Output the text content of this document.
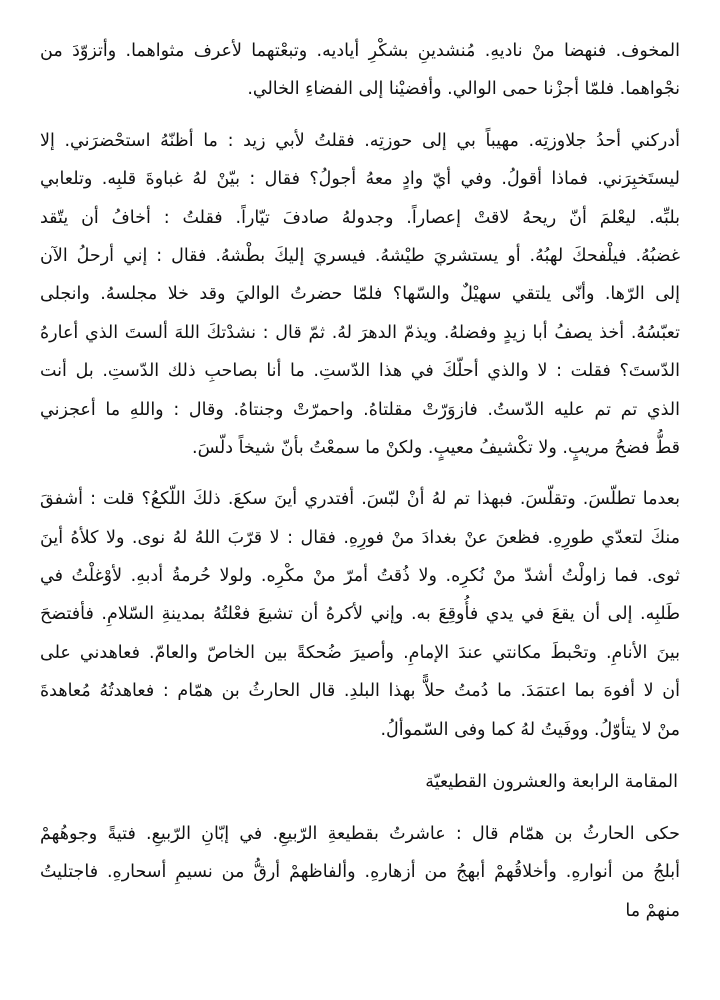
المخوف. فنهضا منْ ناديهِ. مُنشدينِ بشكْرِ أياديه. وتبعْتهما لأعرف مثواهما. وأتزوّدَ من
نجْواهما. فلمّا أجزْنا حمى الوالي. وأفضيْنا إلى الفضاءِ الخالي.
أدركني أحدُ جلاوزتِه. مهيباً بي إلى حوزتِه. فقلتُ لأبي زيد : ما أظنّهُ استحْضرَني. إلا
ليستَخبِرَني. فماذا أقولُ. وفي أيّ وادٍ معهُ أجولُ؟ فقال : بيّنْ لهُ غباوةَ قلبِه. وتلعابي
بلبِّه. ليعْلمَ أنّ ريحهُ لاقتْ إعصاراً. وجدولهُ صادفَ تيّاراً. فقلتُ : أخافُ أن يتّقد
غضبُهُ. فيلْفحكَ لهبُهُ. أو يستشريَ طيْشهُ. فيسريَ إليكَ بطْشهُ. فقال : إني أرحلُ الآن
إلى الرّها. وأنّى يلتقي سهيْلٌ والسّها؟ فلمّا حضرتُ الواليَ وقد خلا مجلسهُ. وانجلى
تعبّسُهُ. أخذ يصفُ أبا زيدٍ وفضلهُ. ويذمّ الدهرَ لهُ. ثمّ قال : نشدْتكَ اللهَ ألستَ الذي أعارهُ
الدّستَ؟ فقلت : لا والذي أحلّكَ في هذا الدّستِ. ما أنا بصاحبِ ذلك الدّستِ. بل أنت
الذي تم تم عليه الدّستُ. فازوَرّتْ مقلتاهُ. واحمرّتْ وجنتاهُ. وقال : واللهِ ما أعجزني
قطُّ فضحُ مريبٍ. ولا تكْشيفُ معيبٍ. ولكنْ ما سمعْتُ بأنّ شيخاً دلّسَ.
بعدما تطلّسَ. وتقلّسَ. فبهذا تم لهُ أنْ لبّسَ. أفتدري أينَ سكعَ. ذلكَ اللّكعُ؟ قلت : أشفقَ
منكَ لتعدّي طورِهِ. فظعنَ عنْ بغدادَ منْ فورِهِ. فقال : لا قرّبَ اللهُ لهُ نوى. ولا كلأهُ أينَ
ثوى. فما زاولْتُ أشدّ منْ نُكرِه. ولا ذُقتُ أمرّ منْ مكْرِه. ولولا حُرمةُ أدبهِ. لأوْغلْتُ في
طَلبِه. إلى أن يقعَ في يدي فأُوقِعَ به. وإني لأكرهُ أن تشيعَ فعْلتُهُ بمدينةِ السّلامِ. فأفتضحَ
بينَ الأنامِ. وتحْبطَ مكانتي عندَ الإمامِ. وأصيرَ ضُحكةً بين الخاصّ والعامّ. فعاهدني على
أن لا أفوهَ بما اعتمَدَ. ما دُمتُ حلاًّ بهذا البلدِ. قال الحارثُ بن همّام : فعاهدتُهُ مُعاهدةَ
منْ لا يتأوّلُ. ووفَيتُ لهُ كما وفى السّموألُ.
المقامة الرابعة والعشرون القطيعيّة
حكى الحارثُ بن همّام قال : عاشرتُ بقطيعةِ الرّبيعِ. في إبّانِ الرّبيعِ. فتيةً وجوهُهمْ
أبلجُ من أنوارهِ. وأخلاقُهمْ أبهجُ من أزهارهِ. وألفاظهمْ أرقُّ من نسيمِ أسحارهِ. فاجتليتُ
منهمْ ما
